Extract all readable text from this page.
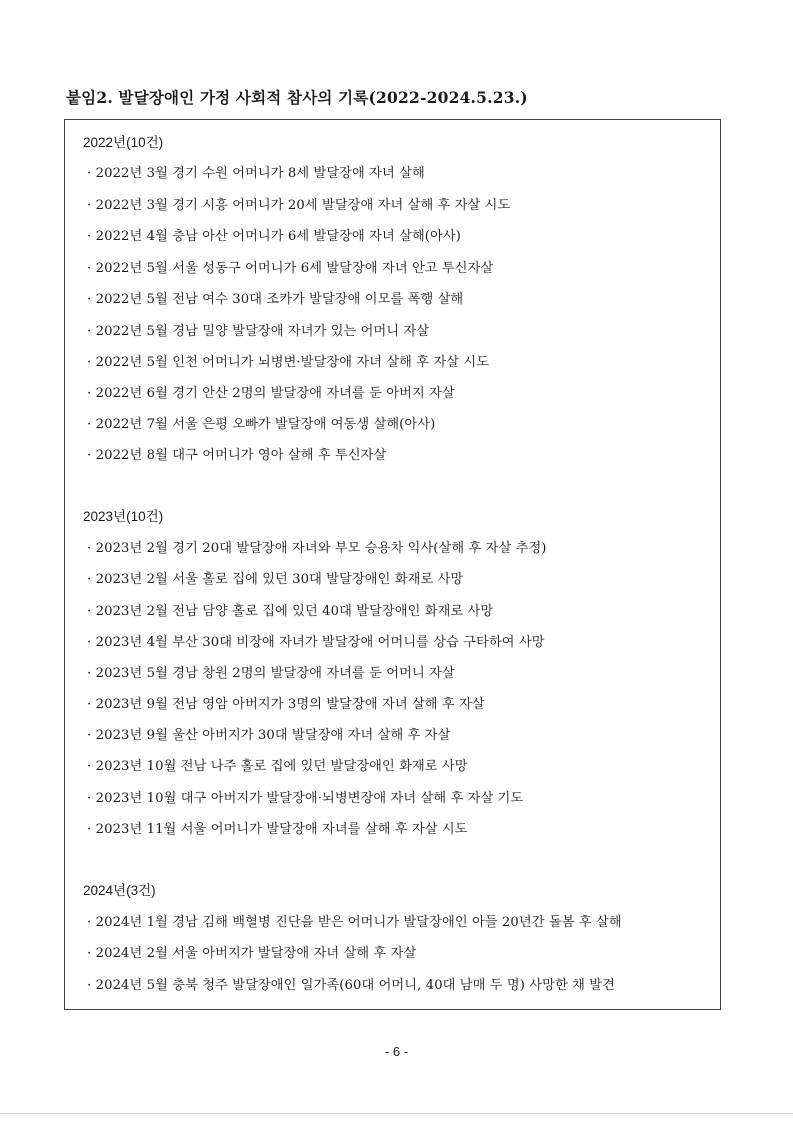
붙임2. 발달장애인 가정 사회적 참사의 기록(2022-2024.5.23.)
2022년(10건)
· 2022년 3월 경기 수원 어머니가 8세 발달장애 자녀 살해
· 2022년 3월 경기 시흥 어머니가 20세 발달장애 자녀 살해 후 자살 시도
· 2022년 4월 충남 아산 어머니가 6세 발달장애 자녀 살해(아사)
· 2022년 5월 서울 성동구 어머니가 6세 발달장애 자녀 안고 투신자살
· 2022년 5월 전남 여수 30대 조카가 발달장애 이모를 폭행 살해
· 2022년 5월 경남 밀양 발달장애 자녀가 있는 어머니 자살
· 2022년 5월 인천 어머니가 뇌병변·발달장애 자녀 살해 후 자살 시도
· 2022년 6월 경기 안산 2명의 발달장애 자녀를 둔 아버지 자살
· 2022년 7월 서울 은평 오빠가 발달장애 여동생 살해(아사)
· 2022년 8월 대구 어머니가 영아 살해 후 투신자살
2023년(10건)
· 2023년 2월 경기 20대 발달장애 자녀와 부모 승용차 익사(살해 후 자살 추정)
· 2023년 2월 서울 홀로 집에 있던 30대 발달장애인 화재로 사망
· 2023년 2월 전남 담양 홀로 집에 있던 40대 발달장애인 화재로 사망
· 2023년 4월 부산 30대 비장애 자녀가 발달장애 어머니를 상습 구타하여 사망
· 2023년 5월 경남 창원 2명의 발달장애 자녀를 둔 어머니 자살
· 2023년 9월 전남 영암 아버지가 3명의 발달장애 자녀 살해 후 자살
· 2023년 9월 울산 아버지가 30대 발달장애 자녀 살해 후 자살
· 2023년 10월 전남 나주 홀로 집에 있던 발달장애인 화재로 사망
· 2023년 10월 대구 아버지가 발달장애·뇌병변장애 자녀 살해 후 자살 기도
· 2023년 11월 서울 어머니가 발달장애 자녀를 살해 후 자살 시도
2024년(3건)
· 2024년 1월 경남 김해 백혈병 진단을 받은 어머니가 발달장애인 아들 20년간 돌봄 후 살해
· 2024년 2월 서울 아버지가 발달장애 자녀 살해 후 자살
· 2024년 5월 충북 청주 발달장애인 일가족(60대 어머니, 40대 남매 두 명) 사망한 채 발견
- 6 -
